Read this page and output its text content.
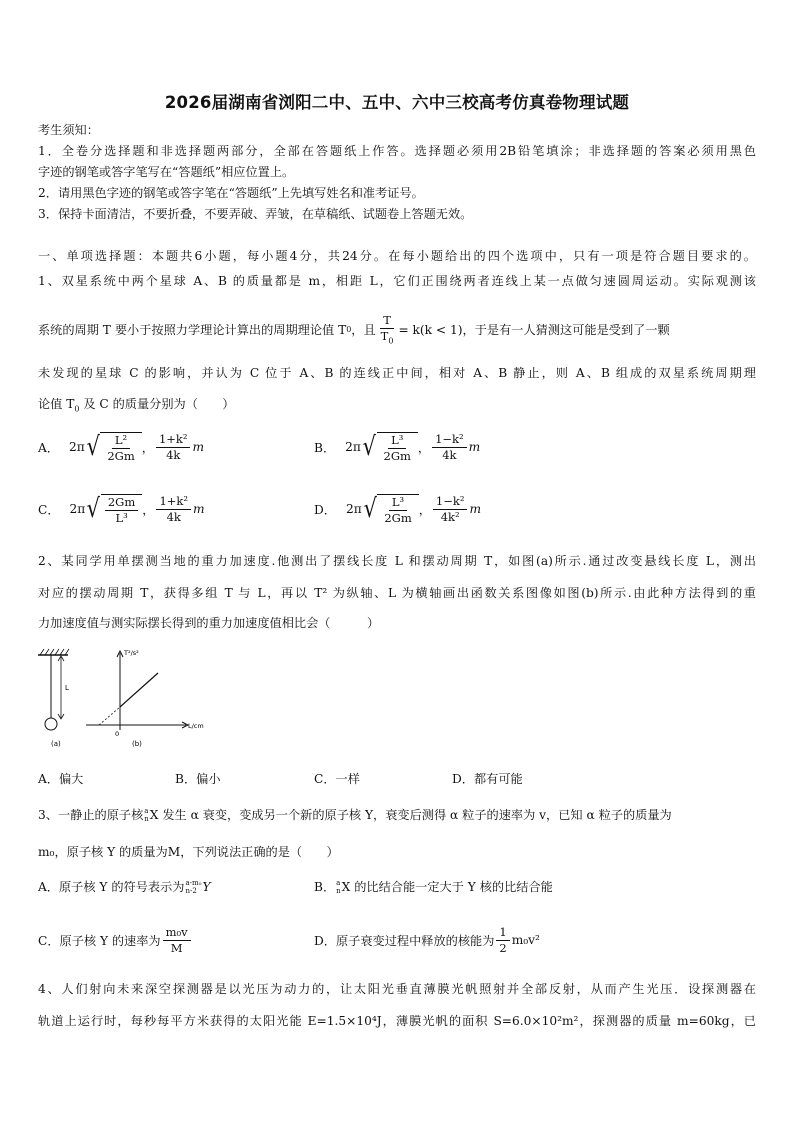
2026届湖南省浏阳二中、五中、六中三校高考仿真卷物理试题
考生须知：
1．全卷分选择题和非选择题两部分，全部在答题纸上作答。选择题必须用2B铅笔填涂；非选择题的答案必须用黑色
字迹的钢笔或答字笔写在“答题纸”相应位置上。
2．请用黑色字迹的钢笔或答字笔在“答题纸”上先填写姓名和准考证号。
3．保持卡面清洁，不要折叠，不要弄破、弄皱，在草稿纸、试题卷上答题无效。
一、单项选择题：本题共6小题，每小题4分，共24分。在每小题给出的四个选项中，只有一项是符合题目要求的。
1、双星系统中两个星球 A、B 的质量都是 m，相距 L，它们正围绕两者连线上某一点做匀速圆周运动。实际观测该
系统的周期 T 要小于按照力学理论计算出的周期理论值 T 0 ，且 $\frac{T}{T_0} = k(k < 1)$ ，于是有一人猜测这可能是受到了一颗
未发现的星球 C 的影响，并认为 C 位于 A、B 的连线正中间，相对 A、B 静止，则 A、B 组成的双星系统周期理
论值 $T_0$ 及 C 的质量分别为（　　）
A． 2π √ $\frac{\text{L²}}{2Gm}$ ， $\frac{\text{1+k²}}{4k}$ m	B． 2π √ $\frac{\text{L³}}{2Gm}$ ， $\frac{\text{1−k²}}{4k}$ m
C． 2π √ $\frac{2Gm}{\text{L³}}$ ， $\frac{\text{1+k²}}{4k}$ m	D． 2π √ $\frac{\text{L³}}{2Gm}$ ， $\frac{\text{1−k²}}{\text{4k²}}$ m
2、某同学用单摆测当地的重力加速度.他测出了摆线长度 L 和摆动周期 T，如图(a)所示.通过改变悬线长度 L，测出
对应的摆动周期 T，获得多组 T 与 L，再以 T² 为纵轴、L 为横轴画出函数关系图像如图(b)所示.由此种方法得到的重
力加速度值与测实际摆长得到的重力加速度值相比会（　　　）
L
(a)
T²/s²
L/cm
0
(b)
A．偏大	B．偏小	C．一样	D．都有可能
3、一静止的原子核 a
n X 发生 α 衰变，变成另一个新的原子核 Y，衰变后测得 α 粒子的速率为 v，已知 α 粒子的质量为
m₀，原子核 Y 的质量为M，下列说法正确的是（　　）
A．原子核 Y 的符号表示为 a-m₀
n-2 Y	B． a
n X 的比结合能一定大于 Y 核的比结合能
C．原子核 Y 的速率为 $\frac{\text{m₀v}}{M}$	D．原子衰变过程中释放的核能为 $\frac{1}{2} m_0v^2$
4、人们射向未来深空探测器是以光压为动力的，让太阳光垂直薄膜光帆照射并全部反射，从而产生光压．设探测器在
轨道上运行时，每秒每平方米获得的太阳光能 E=1.5×10⁴J，薄膜光帆的面积 S=6.0×10²m²，探测器的质量 m=60kg，已
